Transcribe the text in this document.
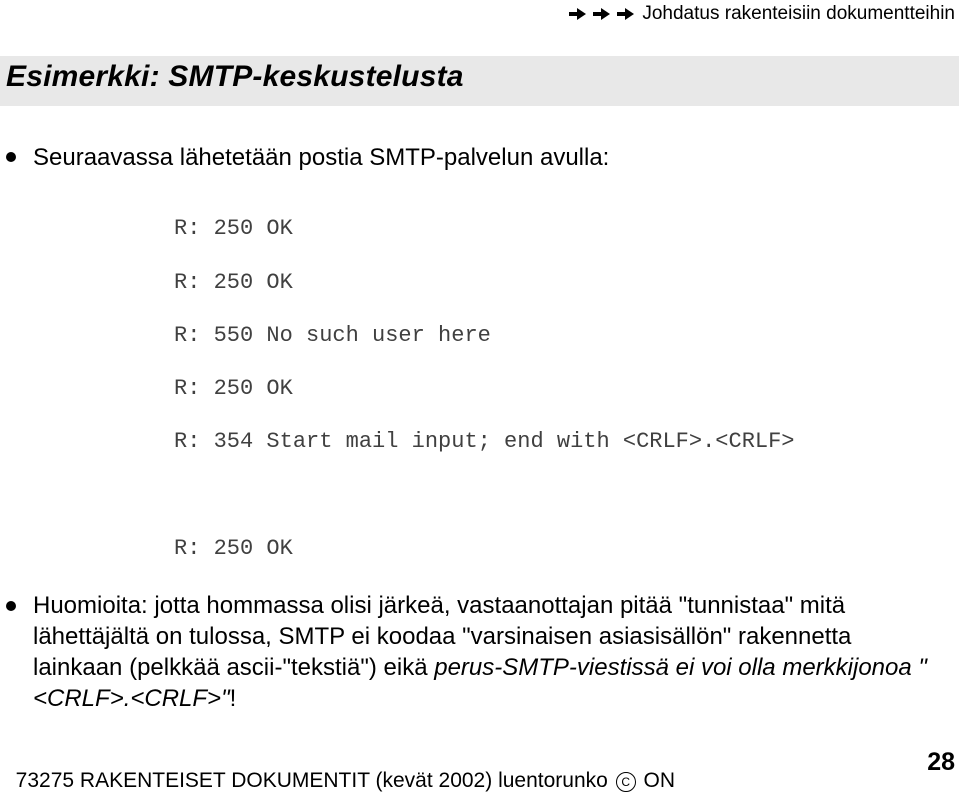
Johdatus rakenteisiin dokumentteihin
Esimerkki: SMTP-keskustelusta
Seuraavassa lähetetään postia SMTP-palvelun avulla:
R: 250 OK
R: 250 OK
R: 550 No such user here
R: 250 OK
R: 354 Start mail input; end with <CRLF>.<CRLF>
R: 250 OK
Huomioita: jotta hommassa olisi järkeä, vastaanottajan pitää "tunnistaa" mitä lähettäjältä on tulossa, SMTP ei koodaa "varsinaisen asiasisällön" rakennetta lainkaan (pelkkää ascii-"tekstiä") eikä perus-SMTP-viestissä ei voi olla merkkijonoa "<CRLF>.<CRLF>"!

73275 RAKENTEISET DOKUMENTIT (kevät 2002) luentorunko C ON

28
